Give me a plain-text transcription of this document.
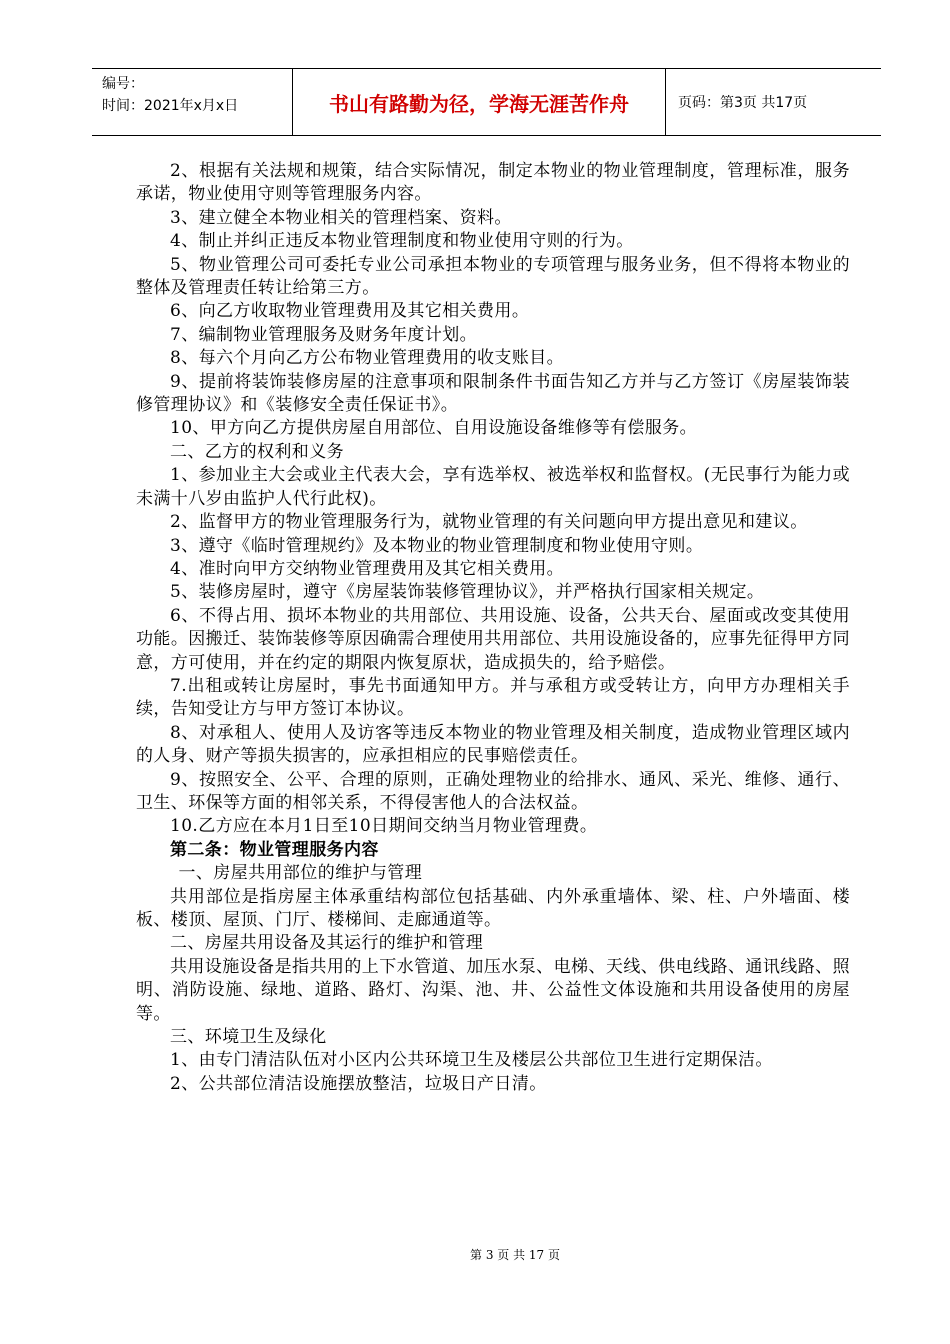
编号：
时间：2021年x月x日	书山有路勤为径，学海无涯苦作舟	页码：第3页 共17页

2、根据有关法规和规策，结合实际情况，制定本物业的物业管理制度，管理标准，服务承诺，物业使用守则等管理服务内容。

3、建立健全本物业相关的管理档案、资料。

4、制止并纠正违反本物业管理制度和物业使用守则的行为。

5、物业管理公司可委托专业公司承担本物业的专项管理与服务业务，但不得将本物业的整体及管理责任转让给第三方。

6、向乙方收取物业管理费用及其它相关费用。

7、编制物业管理服务及财务年度计划。

8、每六个月向乙方公布物业管理费用的收支账目。

9、提前将装饰装修房屋的注意事项和限制条件书面告知乙方并与乙方签订《房屋装饰装修管理协议》和《装修安全责任保证书》。

10、甲方向乙方提供房屋自用部位、自用设施设备维修等有偿服务。

二、乙方的权利和义务

1、参加业主大会或业主代表大会，享有选举权、被选举权和监督权。(无民事行为能力或未满十八岁由监护人代行此权)。

2、监督甲方的物业管理服务行为，就物业管理的有关问题向甲方提出意见和建议。

3、遵守《临时管理规约》及本物业的物业管理制度和物业使用守则。

4、准时向甲方交纳物业管理费用及其它相关费用。

5、装修房屋时，遵守《房屋装饰装修管理协议》，并严格执行国家相关规定。

6、不得占用、损坏本物业的共用部位、共用设施、设备，公共天台、屋面或改变其使用功能。因搬迁、装饰装修等原因确需合理使用共用部位、共用设施设备的，应事先征得甲方同意，方可使用，并在约定的期限内恢复原状，造成损失的，给予赔偿。

7.出租或转让房屋时，事先书面通知甲方。并与承租方或受转让方，向甲方办理相关手续，告知受让方与甲方签订本协议。

8、对承租人、使用人及访客等违反本物业的物业管理及相关制度，造成物业管理区域内的人身、财产等损失损害的，应承担相应的民事赔偿责任。

9、按照安全、公平、合理的原则，正确处理物业的给排水、通风、采光、维修、通行、卫生、环保等方面的相邻关系，不得侵害他人的合法权益。

10.乙方应在本月1日至10日期间交纳当月物业管理费。

第二条：物业管理服务内容

一、房屋共用部位的维护与管理

共用部位是指房屋主体承重结构部位包括基础、内外承重墙体、梁、柱、户外墙面、楼板、楼顶、屋顶、门厅、楼梯间、走廊通道等。

二、房屋共用设备及其运行的维护和管理

共用设施设备是指共用的上下水管道、加压水泵、电梯、天线、供电线路、通讯线路、照明、消防设施、绿地、道路、路灯、沟渠、池、井、公益性文体设施和共用设备使用的房屋等。

三、环境卫生及绿化

1、由专门清洁队伍对小区内公共环境卫生及楼层公共部位卫生进行定期保洁。

2、公共部位清洁设施摆放整洁，垃圾日产日清。

第 3 页 共 17 页
